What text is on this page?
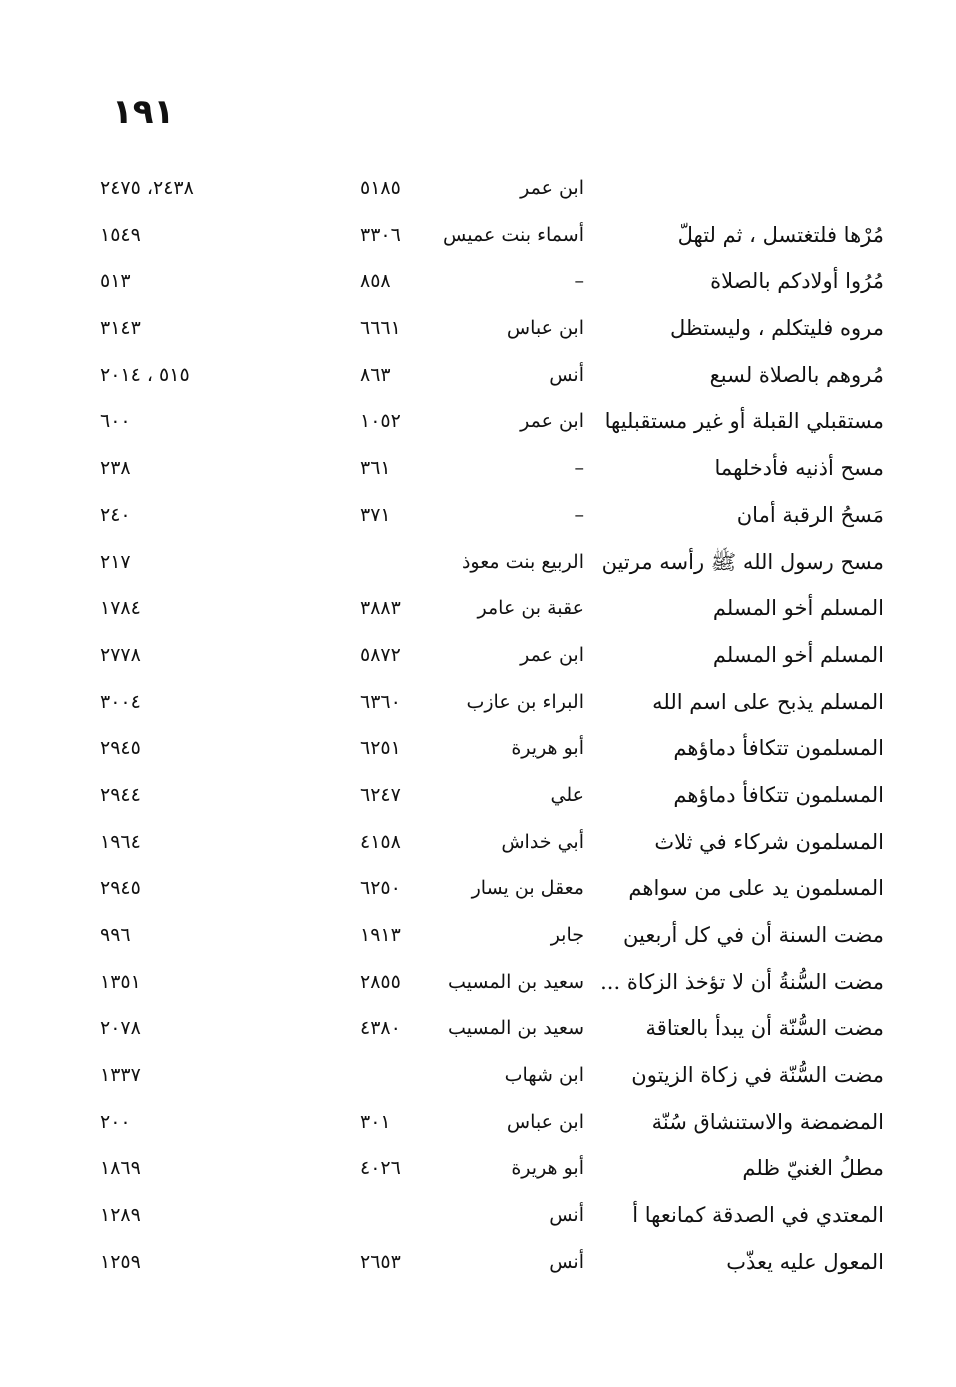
١٩١
ابن عمر
٥١٨٥
٢٤٣٨، ٢٤٧٥
مُرْها فلتغتسل ، ثم لتهلّ
أسماء بنت عميس
٣٣٠٦
١٥٤٩
مُرُوا أولادكم بالصلاة
–
٨٥٨
٥١٣
مروه فليتكلم ، وليستظل
ابن عباس
٦٦٦١
٣١٤٣
مُروهم بالصلاة لسبع
أنس
٨٦٣
٥١٥ ، ٢٠١٤
مستقبلي القبلة أو غير مستقبليها
ابن عمر
١٠٥٢
٦٠٠
مسح أذنيه فأدخلهما
–
٣٦١
٢٣٨
مَسحُ الرقبة أمان
–
٣٧١
٢٤٠
مسح رسول الله ﷺ رأسه مرتين
الربيع بنت معوذ
٢١٧
المسلم أخو المسلم
عقبة بن عامر
٣٨٨٣
١٧٨٤
المسلم أخو المسلم
ابن عمر
٥٨٧٢
٢٧٧٨
المسلم يذبح على اسم الله
البراء بن عازب
٦٣٦٠
٣٠٠٤
المسلمون تتكافأ دماؤهم
أبو هريرة
٦٢٥١
٢٩٤٥
المسلمون تتكافأ دماؤهم
علي
٦٢٤٧
٢٩٤٤
المسلمون شركاء في ثلاث
أبي خداش
٤١٥٨
١٩٦٤
المسلمون يد على من سواهم
معقل بن يسار
٦٢٥٠
٢٩٤٥
مضت السنة أن في كل أربعين
جابر
١٩١٣
٩٩٦
مضت السُّنةُ أن لا تؤخذ الزكاة ...
سعيد بن المسيب
٢٨٥٥
١٣٥١
مضت السُّنّة أن يبدأ بالعتاقة
سعيد بن المسيب
٤٣٨٠
٢٠٧٨
مضت السُّنّة في زكاة الزيتون
ابن شهاب
١٣٣٧
المضمضة والاستنشاق سُنّة
ابن عباس
٣٠١
٢٠٠
مطلُ الغنيّ ظلم
أبو هريرة
٤٠٢٦
١٨٦٩
المعتدي في الصدقة كمانعها أ
أنس
١٢٨٩
المعول عليه يعذّب
أنس
٢٦٥٣
١٢٥٩
